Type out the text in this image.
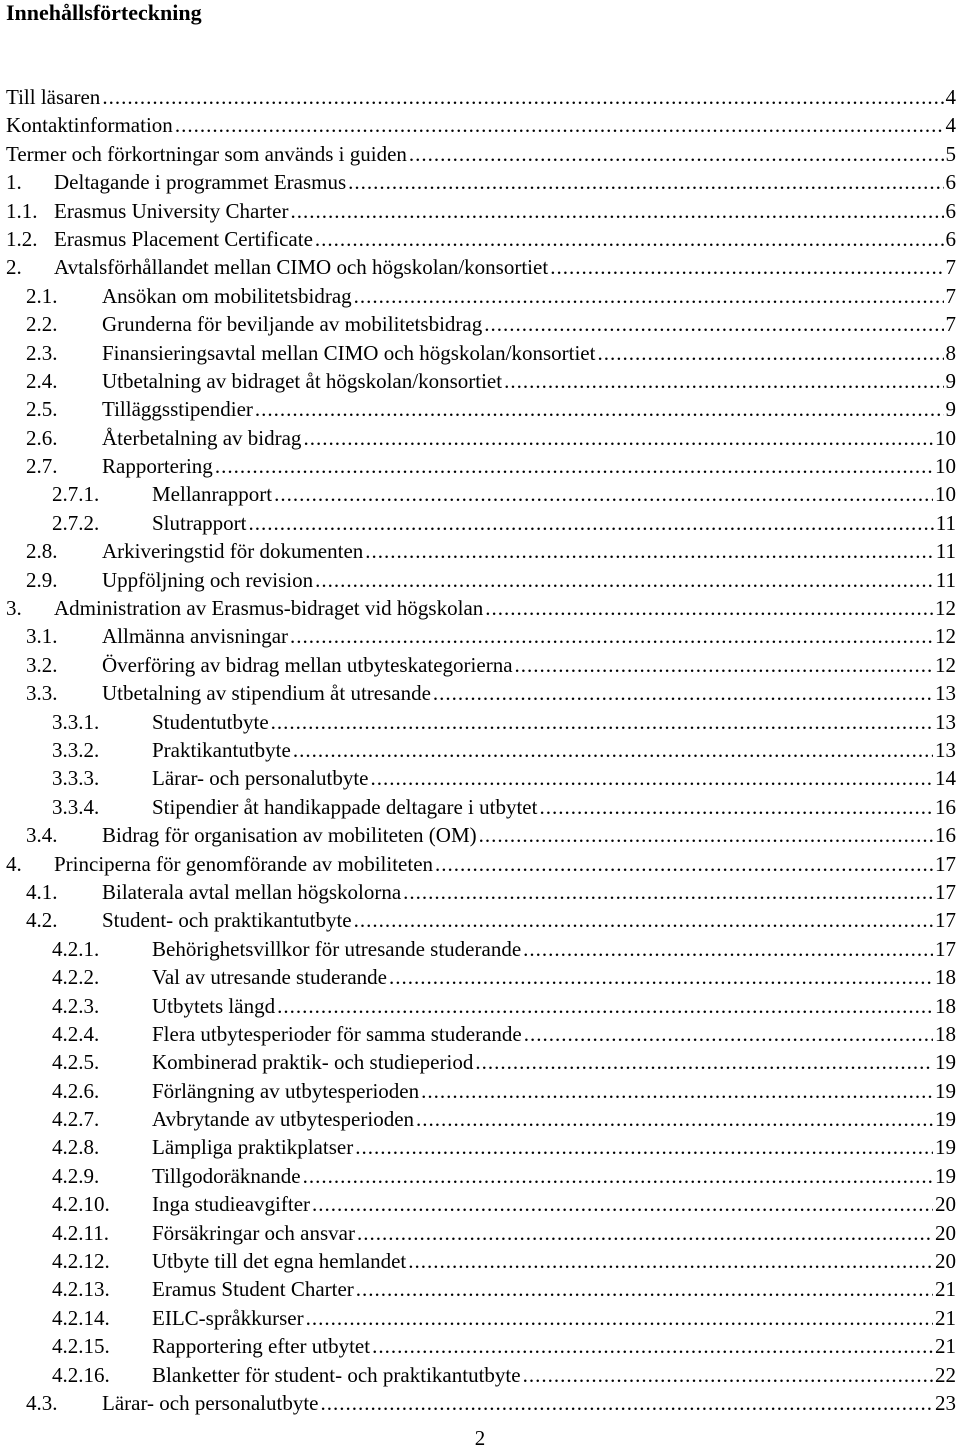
Innehållsförteckning
Till läsaren .....	4
Kontaktinformation .....	4
Termer och förkortningar som används i guiden .....	5
1.	Deltagande i programmet Erasmus .....	6
1.1. Erasmus University Charter .....	6
1.2. Erasmus Placement Certificate .....	6
2.	Avtalsförhållandet mellan CIMO och högskolan/konsortiet .....	7
2.1.	Ansökan om mobilitetsbidrag .....	7
2.2.	Grunderna för beviljande av mobilitetsbidrag .....	7
2.3.	Finansieringsavtal mellan CIMO och högskolan/konsortiet .....	8
2.4.	Utbetalning av bidraget åt högskolan/konsortiet .....	9
2.5.	Tilläggsstipendier .....	9
2.6.	Återbetalning av bidrag .....	10
2.7.	Rapportering .....	10
2.7.1.	Mellanrapport .....	10
2.7.2.	Slutrapport .....	11
2.8.	Arkiveringstid för dokumenten .....	11
2.9.	Uppföljning och revision .....	11
3.	Administration av Erasmus-bidraget vid högskolan .....	12
3.1.	Allmänna anvisningar .....	12
3.2.	Överföring av bidrag mellan utbyteskategorierna .....	12
3.3.	Utbetalning av stipendium åt utresande .....	13
3.3.1.	Studentutbyte .....	13
3.3.2.	Praktikantutbyte .....	13
3.3.3.	Lärar- och personalutbyte .....	14
3.3.4.	Stipendier åt handikappade deltagare i utbytet .....	16
3.4.	Bidrag för organisation av mobiliteten (OM) .....	16
4.	Principerna för genomförande av mobiliteten .....	17
4.1.	Bilaterala avtal mellan högskolorna .....	17
4.2.	Student- och praktikantutbyte .....	17
4.2.1.	Behörighetsvillkor för utresande studerande .....	17
4.2.2.	Val av utresande studerande .....	18
4.2.3.	Utbytets längd .....	18
4.2.4.	Flera utbytesperioder för samma studerande .....	18
4.2.5.	Kombinerad praktik- och studieperiod .....	19
4.2.6.	Förlängning av utbytesperioden .....	19
4.2.7.	Avbrytande av utbytesperioden .....	19
4.2.8.	Lämpliga praktikplatser .....	19
4.2.9.	Tillgodoräknande .....	19
4.2.10.	Inga studieavgifter .....	20
4.2.11.	Försäkringar och ansvar .....	20
4.2.12.	Utbyte till det egna hemlandet .....	20
4.2.13.	Eramus Student Charter .....	21
4.2.14.	EILC-språkkurser .....	21
4.2.15.	Rapportering efter utbytet .....	21
4.2.16.	Blanketter för student- och praktikantutbyte .....	22
4.3.	Lärar- och personalutbyte .....	23
2
